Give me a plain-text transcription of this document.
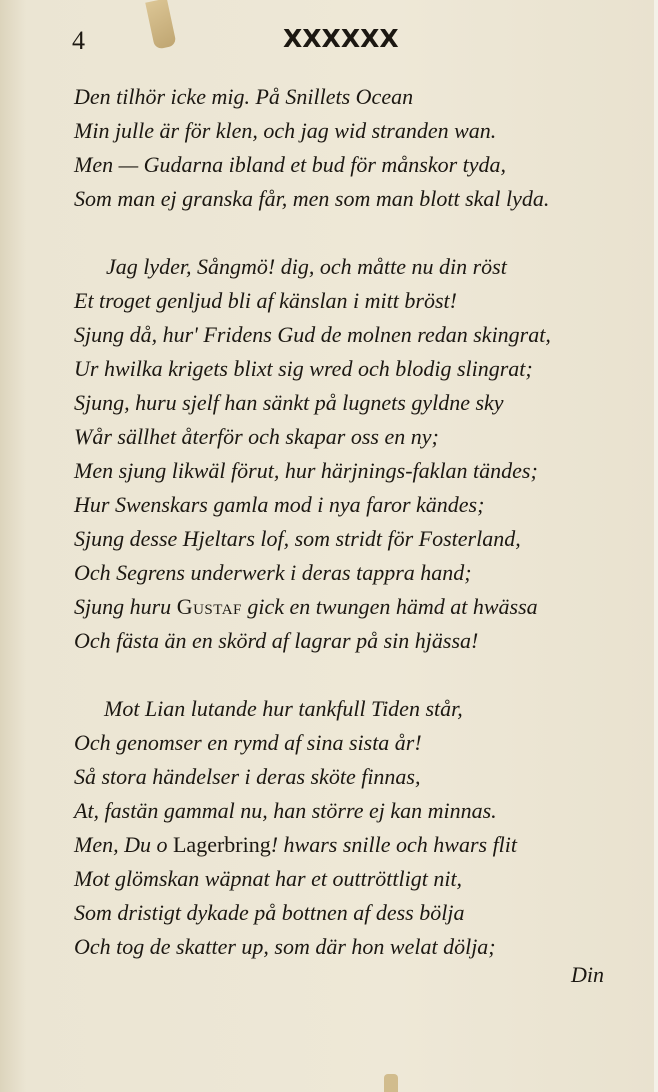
4	XXXXXX
Den tilhör icke mig. På Snillets Ocean
Min julle är för klen, och jag wid stranden wan.
Men — Gudarna ibland et bud för månskor tyda,
Som man ej granska får, men som man blott skal lyda.
Jag lyder, Sångmö! dig, och måtte nu din röst
Et troget genljud bli af känslan i mitt bröst!
Sjung då, hur' Fridens Gud de molnen redan skingrat,
Ur hwilka krigets blixt sig wred och blodig slingrat;
Sjung, huru sjelf han sänkt på lugnets gyldne sky
Wår sällhet återför och skapar oss en ny;
Men sjung likwäl förut, hur härjnings-faklan tändes;
Hur Swenskars gamla mod i nya faror kändes;
Sjung desse Hjeltars lof, som stridt för Fosterland,
Och Segrens underwerk i deras tappra hand;
Sjung huru Gustaf gick en twungen hämd at hwässa
Och fästa än en skörd af lagrar på sin hjässa!
Mot Lian lutande hur tankfull Tiden står,
Och genomser en rymd af sina sista år!
Så stora händelser i deras sköte finnas,
At, fastän gammal nu, han större ej kan minnas.
Men, Du o Lagerbring! hwars snille och hwars flit
Mot glömskan wäpnat har et outtröttligt nit,
Som dristigt dykade på bottnen af dess bölja
Och tog de skatter up, som där hon welat dölja;
Din
